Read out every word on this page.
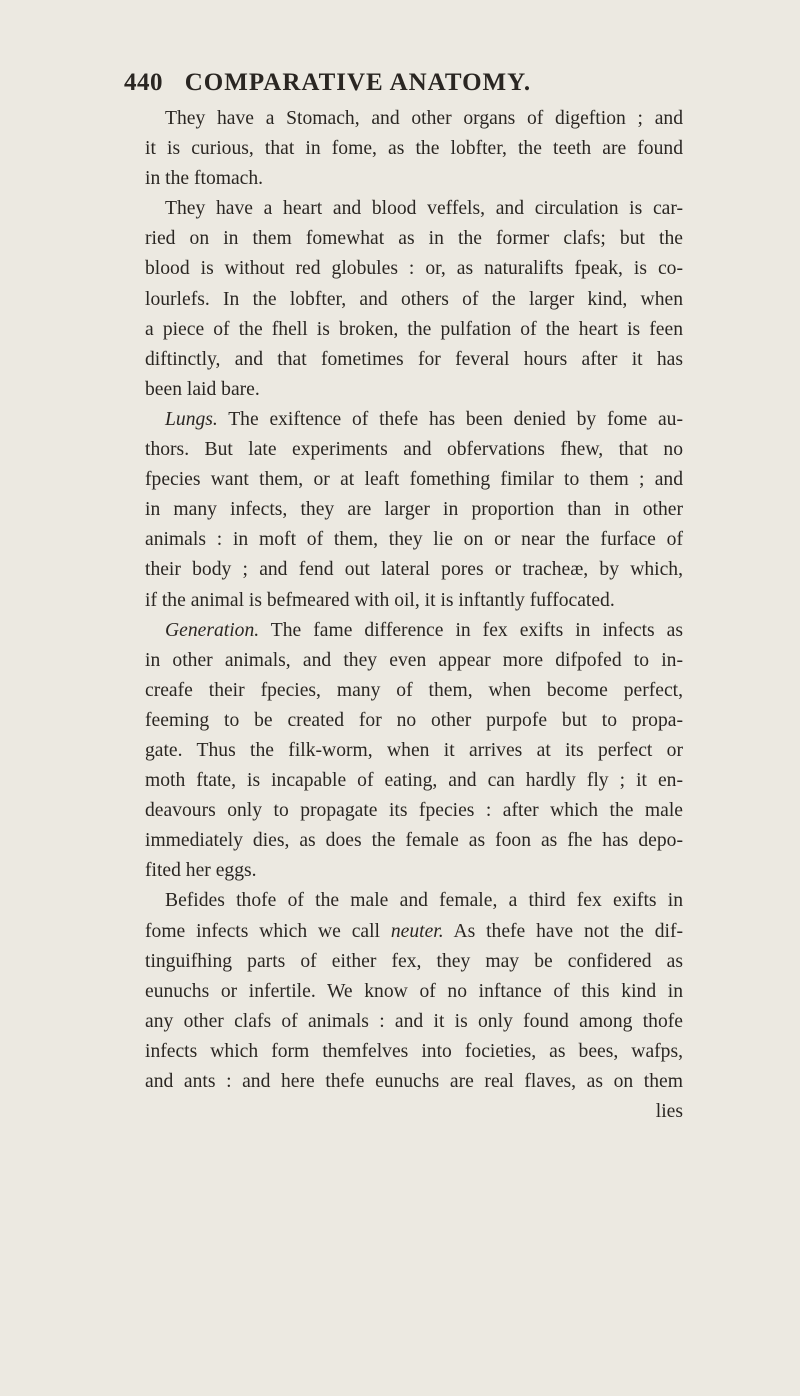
440 COMPARATIVE ANATOMY.
They have a Stomach, and other organs of digeftion ; and
it is curious, that in fome, as the lobfter, the teeth are found
in the ftomach.
They have a heart and blood veffels, and circulation is car-
ried on in them fomewhat as in the former clafs; but the
blood is without red globules : or, as naturalifts fpeak, is co-
lourlefs. In the lobfter, and others of the larger kind, when
a piece of the fhell is broken, the pulfation of the heart is feen
diftinctly, and that fometimes for feveral hours after it has
been laid bare.
Lungs. The exiftence of thefe has been denied by fome au-
thors. But late experiments and obfervations fhew, that no
fpecies want them, or at leaft fomething fimilar to them ; and
in many infects, they are larger in proportion than in other
animals : in moft of them, they lie on or near the furface of
their body ; and fend out lateral pores or tracheæ, by which,
if the animal is befmeared with oil, it is inftantly fuffocated.
Generation. The fame difference in fex exifts in infects as
in other animals, and they even appear more difpofed to in-
creafe their fpecies, many of them, when become perfect,
feeming to be created for no other purpofe but to propa-
gate. Thus the filk-worm, when it arrives at its perfect or
moth ftate, is incapable of eating, and can hardly fly ; it en-
deavours only to propagate its fpecies : after which the male
immediately dies, as does the female as foon as fhe has depo-
fited her eggs.
Befides thofe of the male and female, a third fex exifts in
fome infects which we call neuter. As thefe have not the dif-
tinguifhing parts of either fex, they may be confidered as
eunuchs or infertile. We know of no inftance of this kind in
any other clafs of animals : and it is only found among thofe
infects which form themfelves into focieties, as bees, wafps,
and ants : and here thefe eunuchs are real flaves, as on them
lies
